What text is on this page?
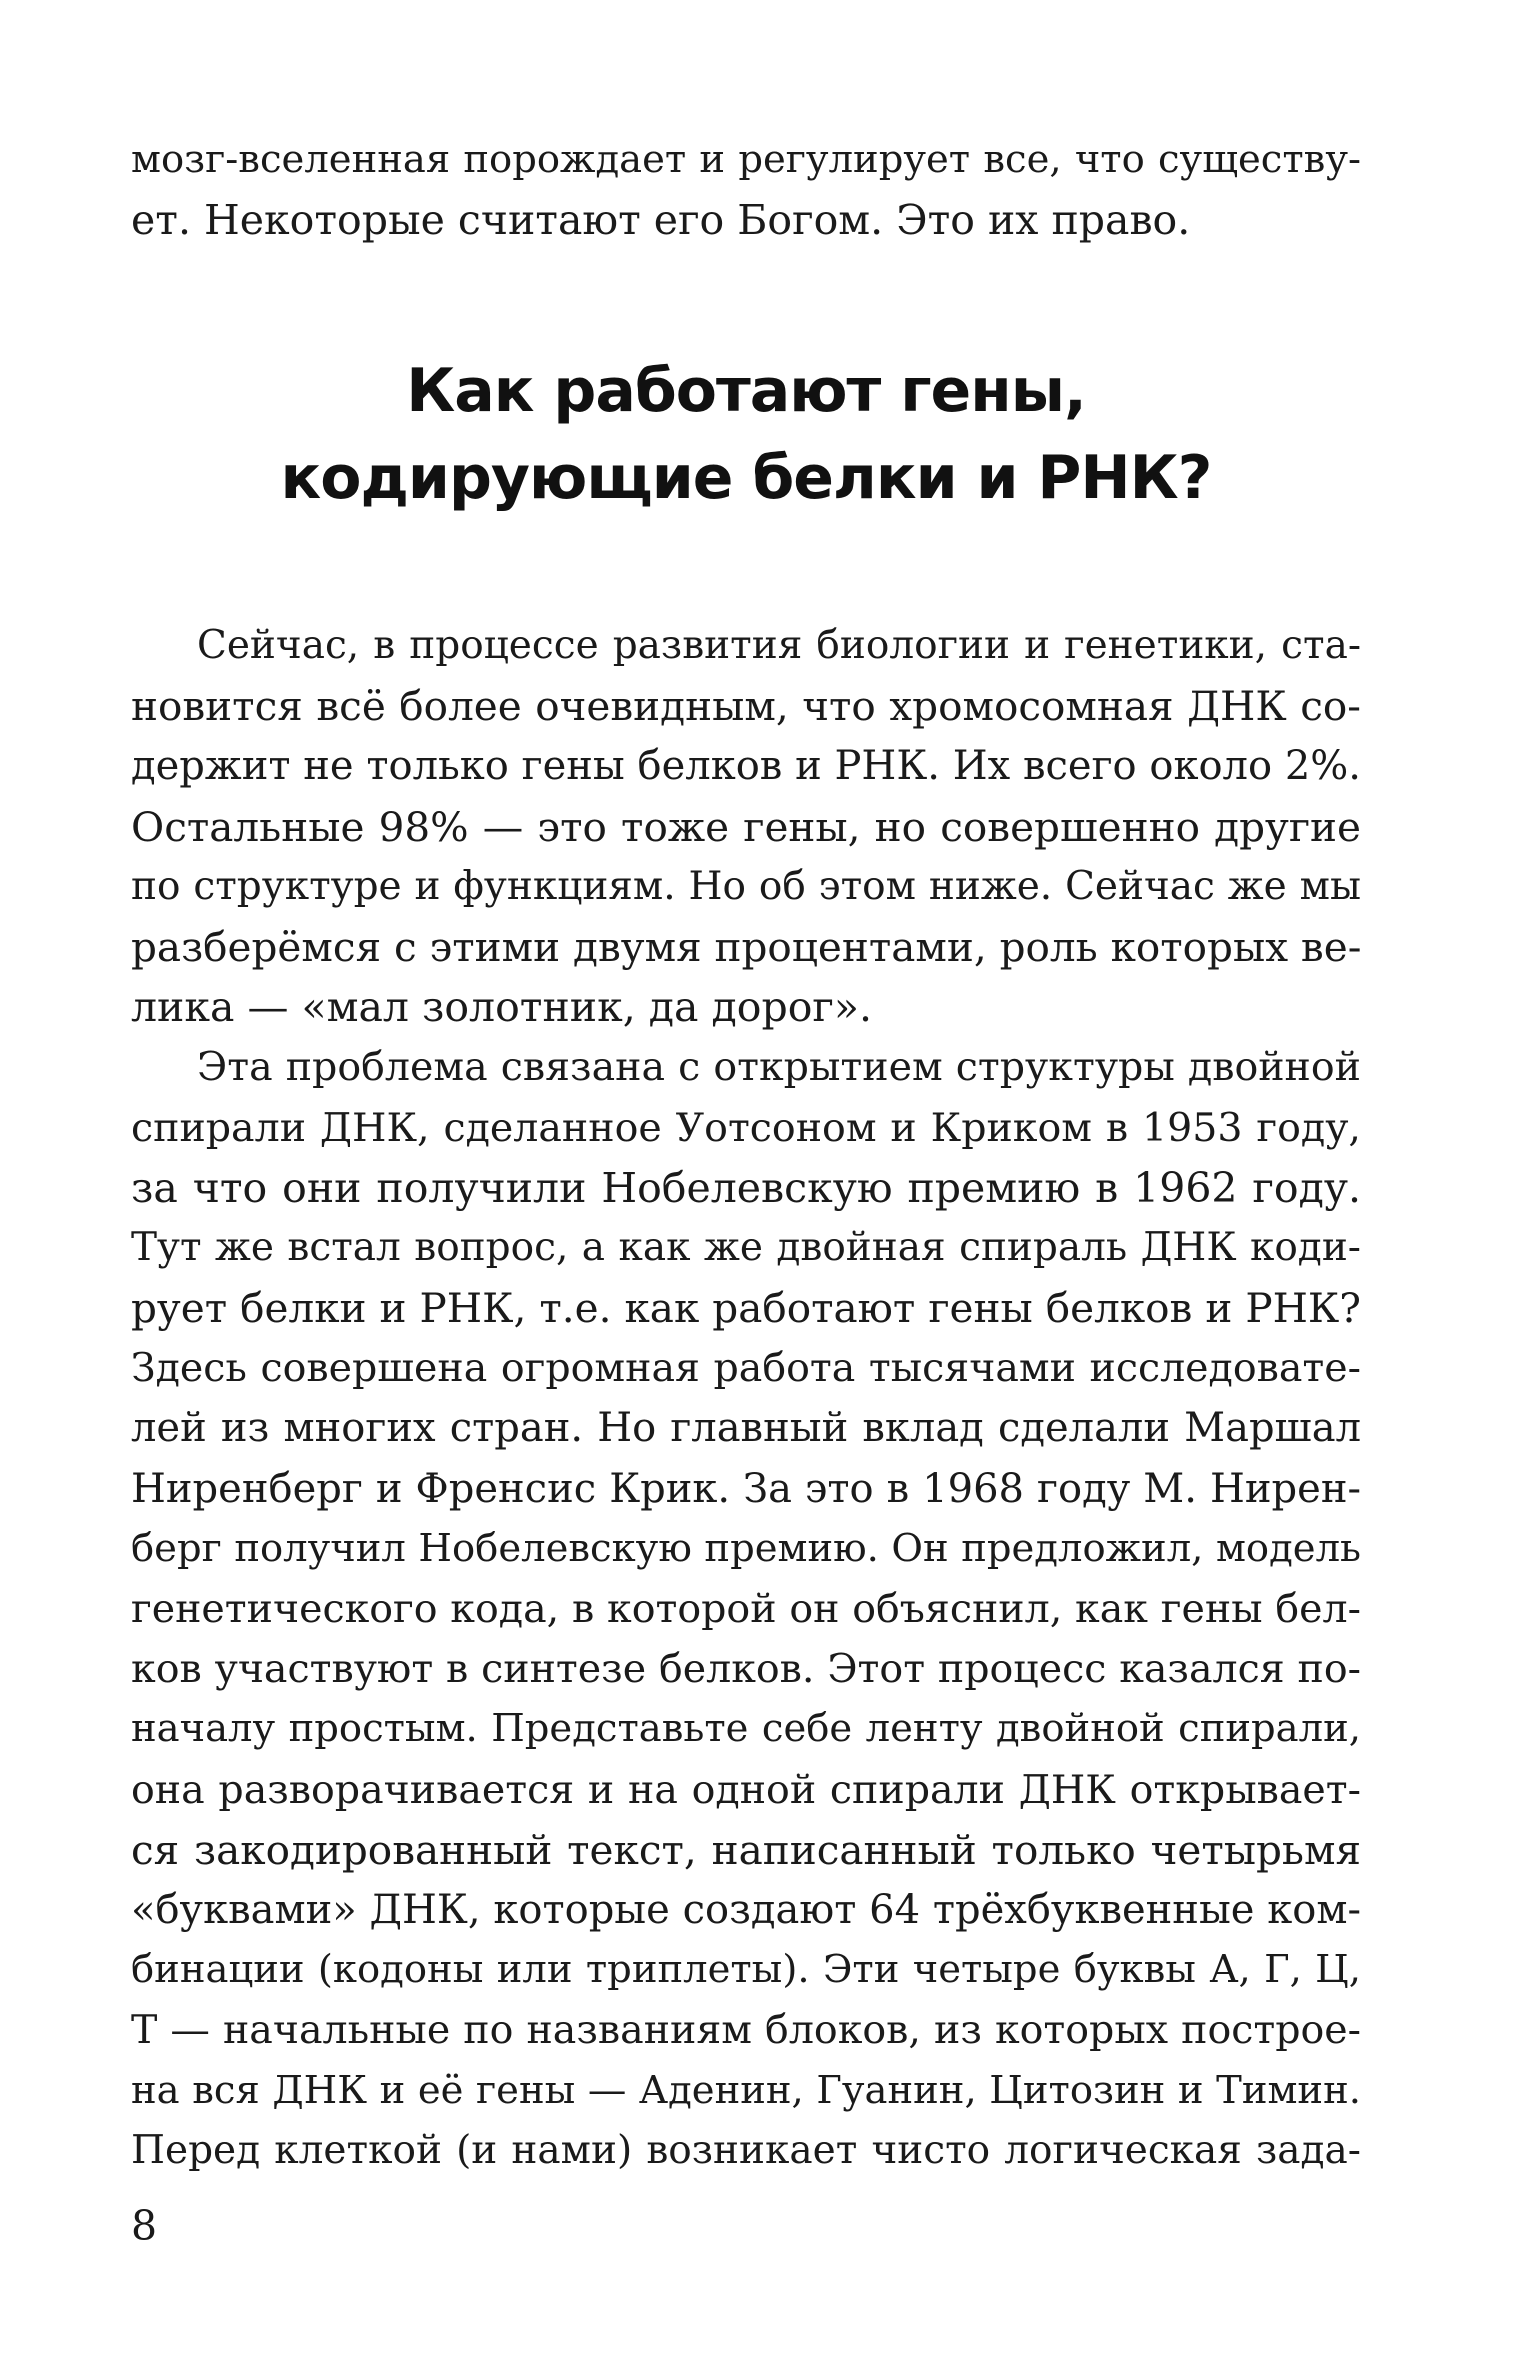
мозг-вселенная порождает и регулирует все, что существу-
ет. Некоторые считают его Богом. Это их право.
Как работают гены,
кодирующие белки и РНК?
Сейчас, в процессе развития биологии и генетики, ста-
новится всё более очевидным, что хромосомная ДНК со-
держит не только гены белков и РНК. Их всего около 2%.
Остальные 98% — это тоже гены, но совершенно другие
по структуре и функциям. Но об этом ниже. Сейчас же мы
разберёмся с этими двумя процентами, роль которых ве-
лика — «мал золотник, да дорог».
Эта проблема связана с открытием структуры двойной
спирали ДНК, сделанное Уотсоном и Криком в 1953 году,
за что они получили Нобелевскую премию в 1962 году.
Тут же встал вопрос, а как же двойная спираль ДНК коди-
рует белки и РНК, т.е. как работают гены белков и РНК?
Здесь совершена огромная работа тысячами исследовате-
лей из многих стран. Но главный вклад сделали Маршал
Ниренберг и Френсис Крик. За это в 1968 году М. Нирен-
берг получил Нобелевскую премию. Он предложил, модель
генетического кода, в которой он объяснил, как гены бел-
ков участвуют в синтезе белков. Этот процесс казался по-
началу простым. Представьте себе ленту двойной спирали,
она разворачивается и на одной спирали ДНК открывает-
ся закодированный текст, написанный только четырьмя
«буквами» ДНК, которые создают 64 трёхбуквенные ком-
бинации (кодоны или триплеты). Эти четыре буквы А, Г, Ц,
Т — начальные по названиям блоков, из которых построе-
на вся ДНК и её гены — Аденин, Гуанин, Цитозин и Тимин.
Перед клеткой (и нами) возникает чисто логическая зада-
8
